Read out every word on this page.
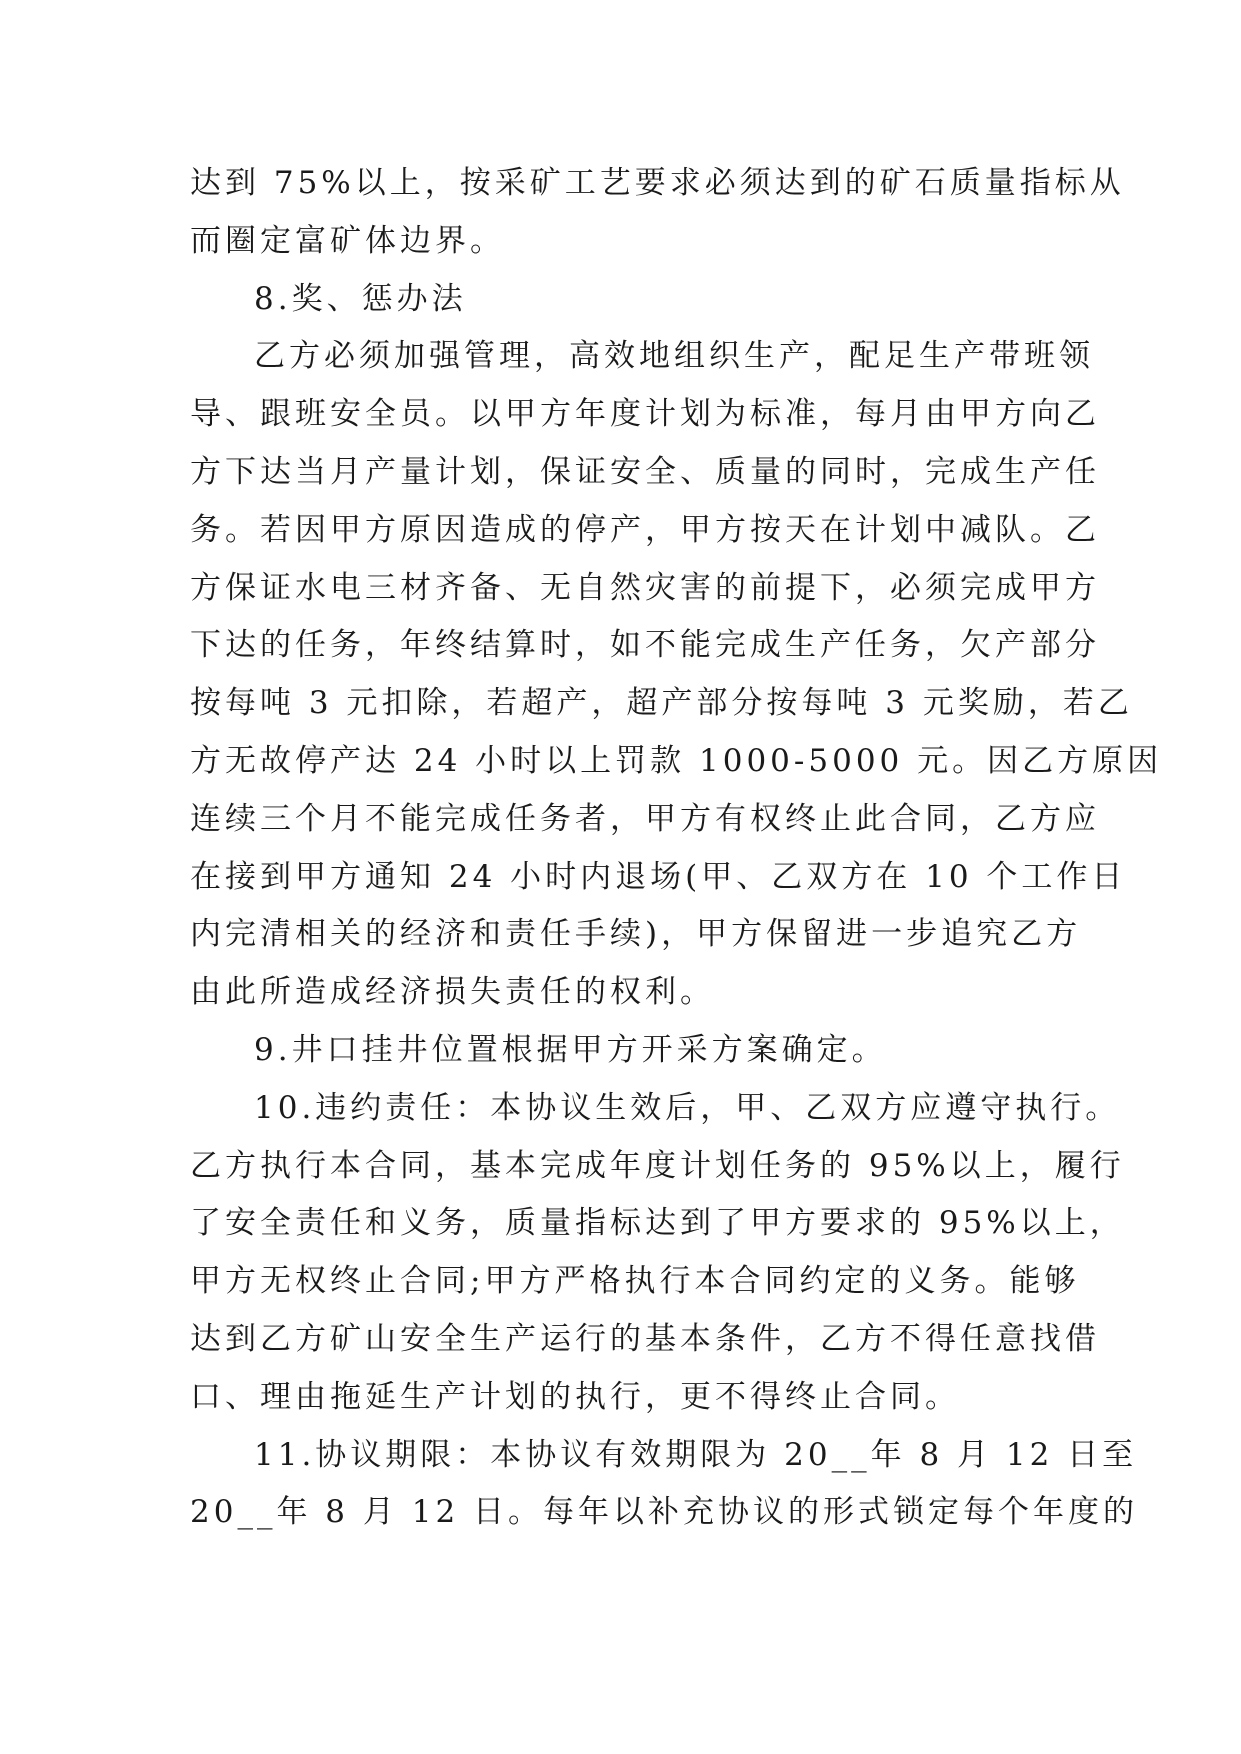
达到 75%以上，按采矿工艺要求必须达到的矿石质量指标从
而圈定富矿体边界。
8.奖、惩办法
乙方必须加强管理，高效地组织生产，配足生产带班领
导、跟班安全员。以甲方年度计划为标准，每月由甲方向乙
方下达当月产量计划，保证安全、质量的同时，完成生产任
务。若因甲方原因造成的停产，甲方按天在计划中减队。乙
方保证水电三材齐备、无自然灾害的前提下，必须完成甲方
下达的任务，年终结算时，如不能完成生产任务，欠产部分
按每吨 3 元扣除，若超产，超产部分按每吨 3 元奖励，若乙
方无故停产达 24 小时以上罚款 1000-5000 元。因乙方原因
连续三个月不能完成任务者，甲方有权终止此合同，乙方应
在接到甲方通知 24 小时内退场(甲、乙双方在 10 个工作日
内完清相关的经济和责任手续)，甲方保留进一步追究乙方
由此所造成经济损失责任的权利。
9.井口挂井位置根据甲方开采方案确定。
10.违约责任：本协议生效后，甲、乙双方应遵守执行。
乙方执行本合同，基本完成年度计划任务的 95%以上，履行
了安全责任和义务，质量指标达到了甲方要求的 95%以上，
甲方无权终止合同;甲方严格执行本合同约定的义务。能够
达到乙方矿山安全生产运行的基本条件，乙方不得任意找借
口、理由拖延生产计划的执行，更不得终止合同。
11.协议期限：本协议有效期限为 20__年 8 月 12 日至
20__年 8 月 12 日。每年以补充协议的形式锁定每个年度的
